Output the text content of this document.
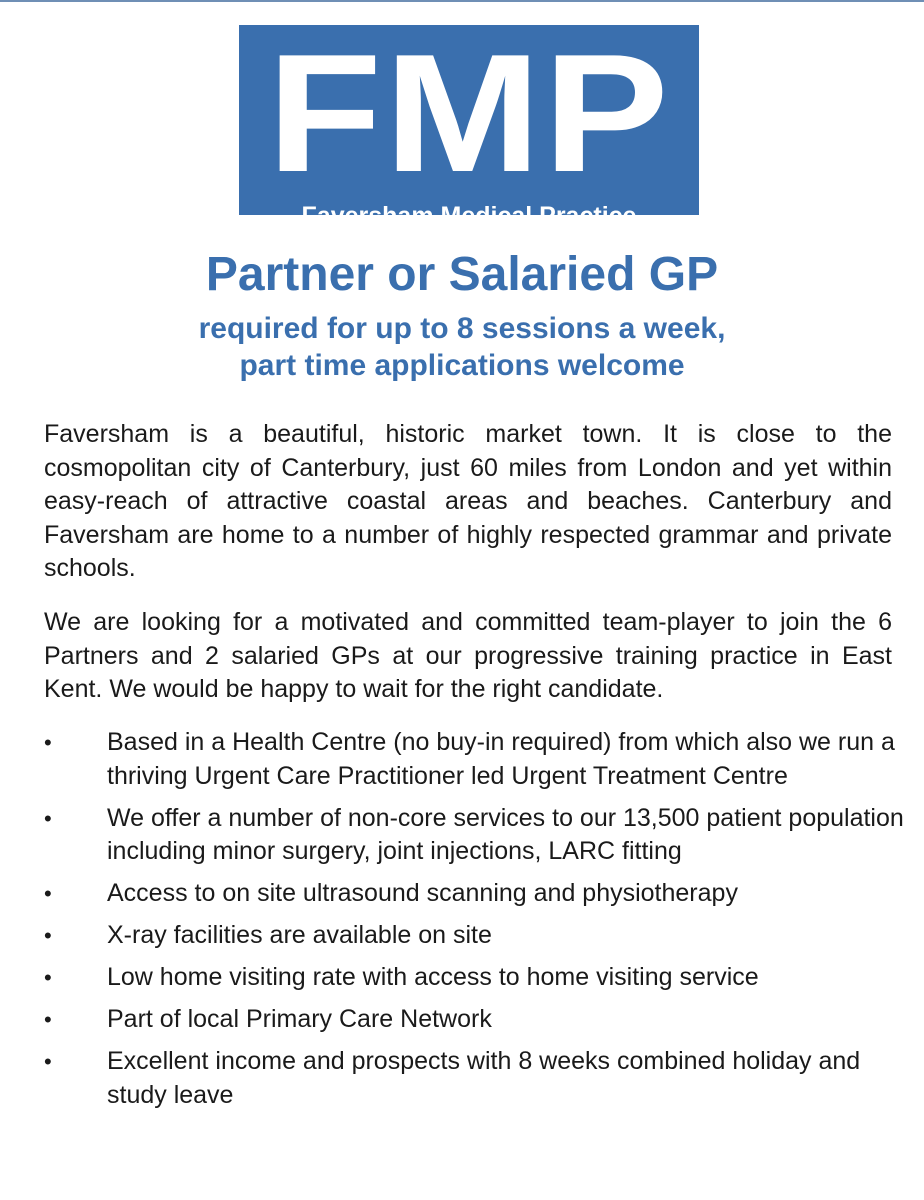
FMP
Faversham Medical Practice
Partner or Salaried GP
required for up to 8 sessions a week,
part time applications welcome
Faversham is a beautiful, historic market town. It is close to the cosmopolitan city of Canterbury, just 60 miles from London and yet within easy-reach of attractive coastal areas and beaches. Canterbury and Faversham are home to a number of highly respected grammar and private schools.
We are looking for a motivated and committed team-player to join the 6 Partners and 2 salaried GPs at our progressive training practice in East Kent. We would be happy to wait for the right candidate.
•	Based in a Health Centre (no buy-in required) from which also we run a thriving Urgent Care Practitioner led Urgent Treatment Centre
•	We offer a number of non-core services to our 13,500 patient population including minor surgery, joint injections, LARC fitting
•	Access to on site ultrasound scanning and physiotherapy
•	X-ray facilities are available on site
•	Low home visiting rate with access to home visiting service
•	Part of local Primary Care Network
•	Excellent income and prospects with 8 weeks combined holiday and study leave
